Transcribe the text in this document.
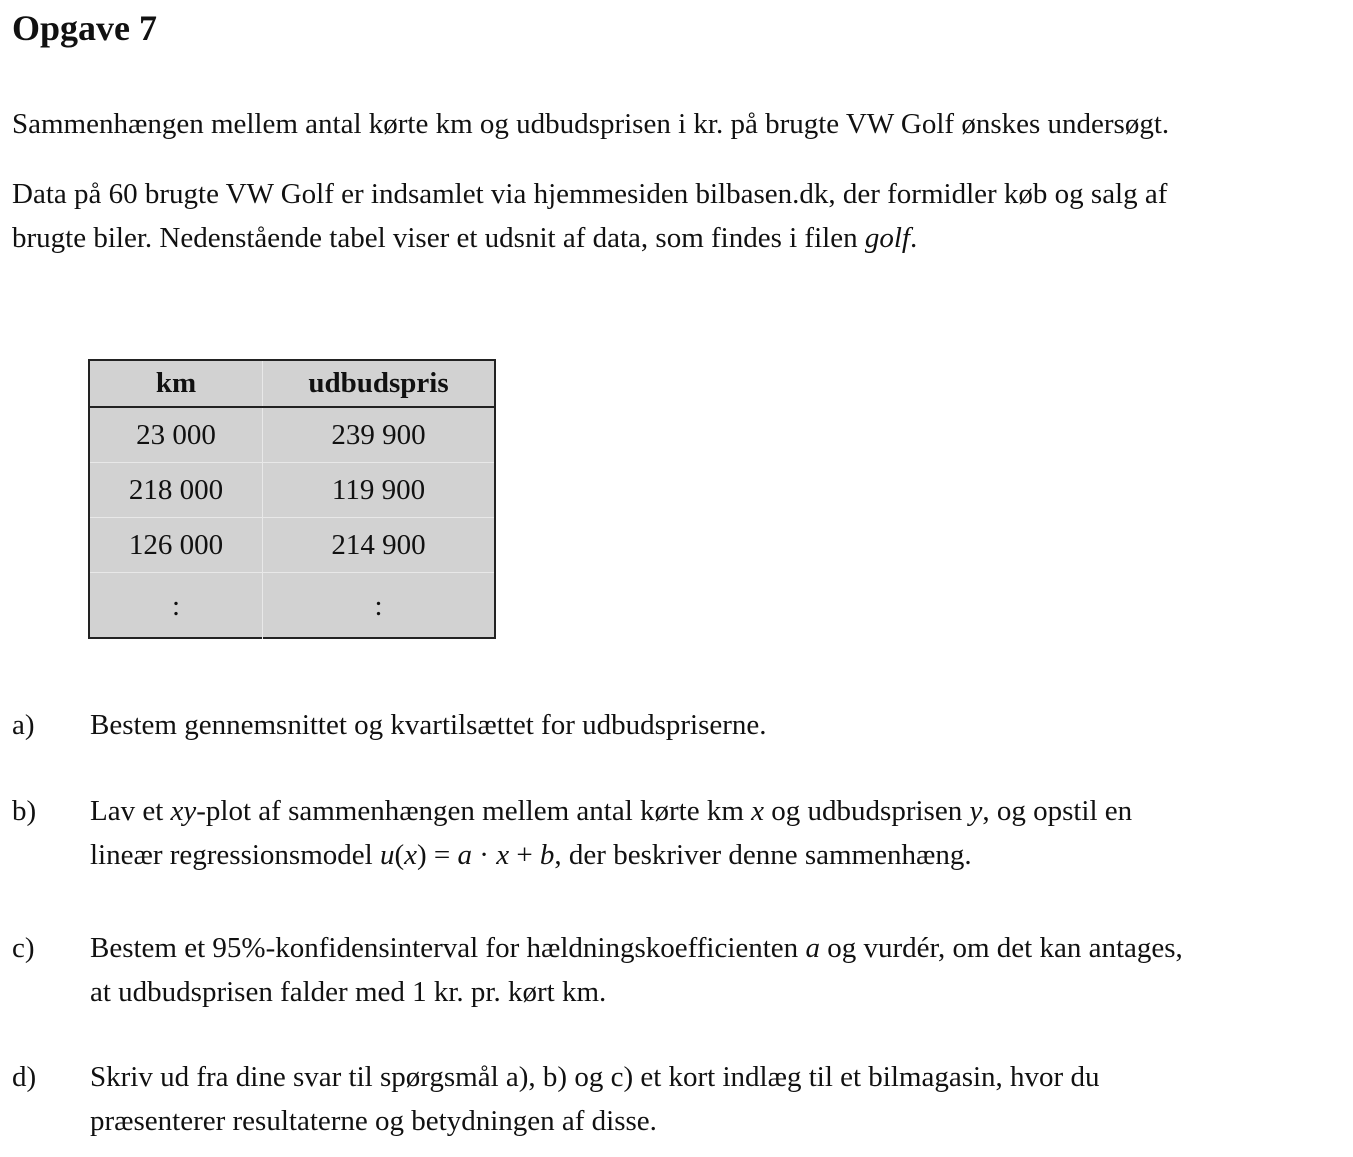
Opgave 7

Sammenhængen mellem antal kørte km og udbudsprisen i kr. på brugte VW Golf ønskes undersøgt.

Data på 60 brugte VW Golf er indsamlet via hjemmesiden bilbasen.dk, der formidler køb og salg af

brugte biler. Nedenstående tabel viser et udsnit af data, som findes i filen golf.

km	udbudspris
23 000	239 900
218 000	119 900
126 000	214 900
:	:
a) Bestem gennemsnittet og kvartilsættet for udbudspriserne.
b) Lav et xy-plot af sammenhængen mellem antal kørte km x og udbudsprisen y, og opstil en
lineær regressionsmodel u(x) = a · x + b, der beskriver denne sammenhæng.
c) Bestem et 95%-konfidensinterval for hældningskoefficienten a og vurdér, om det kan antages,
at udbudsprisen falder med 1 kr. pr. kørt km.
d) Skriv ud fra dine svar til spørgsmål a), b) og c) et kort indlæg til et bilmagasin, hvor du
præsenterer resultaterne og betydningen af disse.
